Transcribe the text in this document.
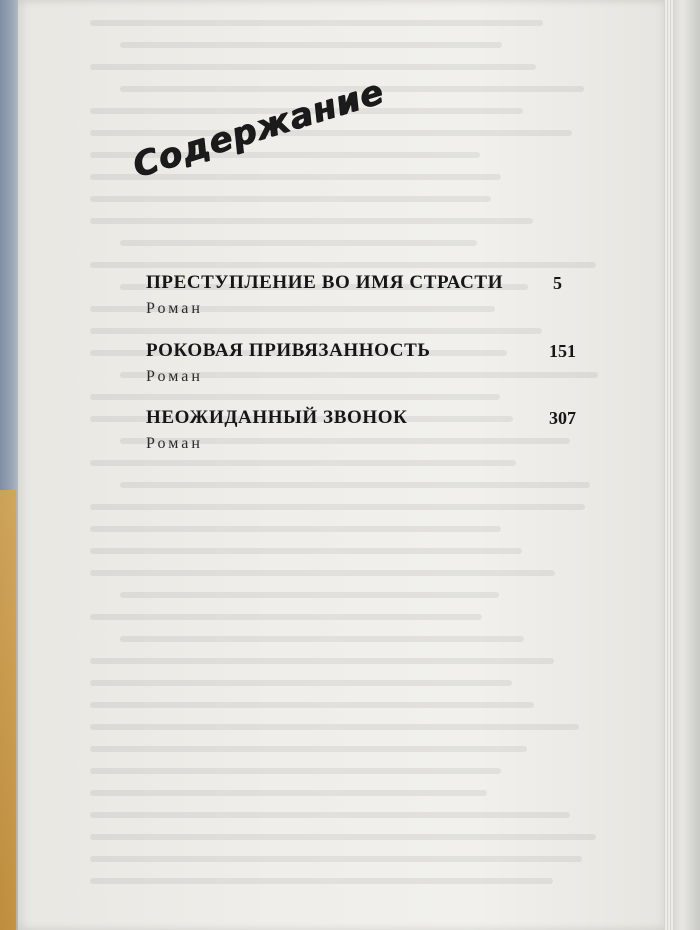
Содержание
ПРЕСТУПЛЕНИЕ ВО ИМЯ СТРАСТИ	5
Роман
РОКОВАЯ ПРИВЯЗАННОСТЬ	151
Роман
НЕОЖИДАННЫЙ ЗВОНОК	307
Роман
